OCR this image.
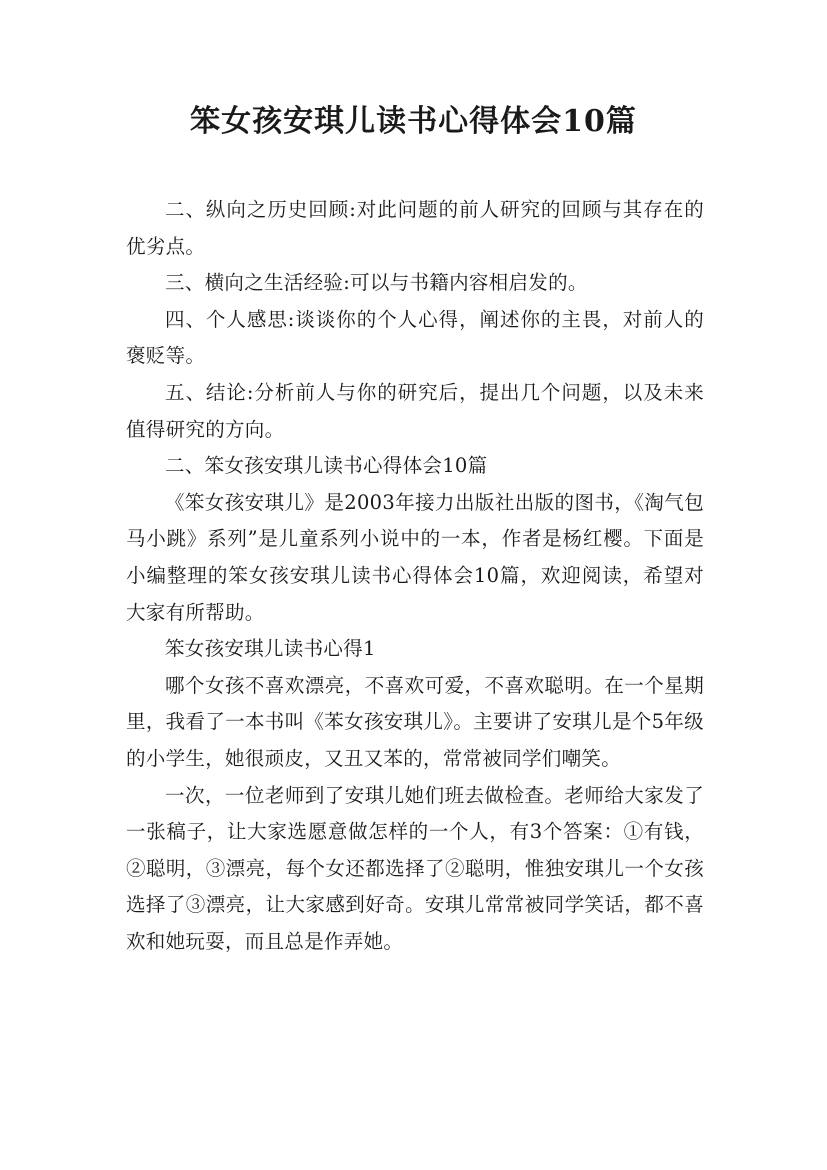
笨女孩安琪儿读书心得体会10篇

二、纵向之历史回顾:对此问题的前人研究的回顾与其存在的优劣点。

三、横向之生活经验:可以与书籍内容相启发的。

四、个人感思:谈谈你的个人心得，阐述你的主畏，对前人的褒贬等。

五、结论:分析前人与你的研究后，提出几个问题，以及未来值得研究的方向。

二、笨女孩安琪儿读书心得体会10篇

《笨女孩安琪儿》是2003年接力出版社出版的图书，《淘气包马小跳》系列”是儿童系列小说中的一本，作者是杨红樱。下面是小编整理的笨女孩安琪儿读书心得体会10篇，欢迎阅读，希望对大家有所帮助。

笨女孩安琪儿读书心得1

哪个女孩不喜欢漂亮，不喜欢可爱，不喜欢聪明。在一个星期里，我看了一本书叫《苯女孩安琪儿》。主要讲了安琪儿是个5年级的小学生，她很顽皮，又丑又苯的，常常被同学们嘲笑。

一次，一位老师到了安琪儿她们班去做检查。老师给大家发了一张稿子，让大家选愿意做怎样的一个人，有3个答案：①有钱，②聪明，③漂亮，每个女还都选择了②聪明，惟独安琪儿一个女孩选择了③漂亮，让大家感到好奇。安琪儿常常被同学笑话，都不喜欢和她玩耍，而且总是作弄她。
